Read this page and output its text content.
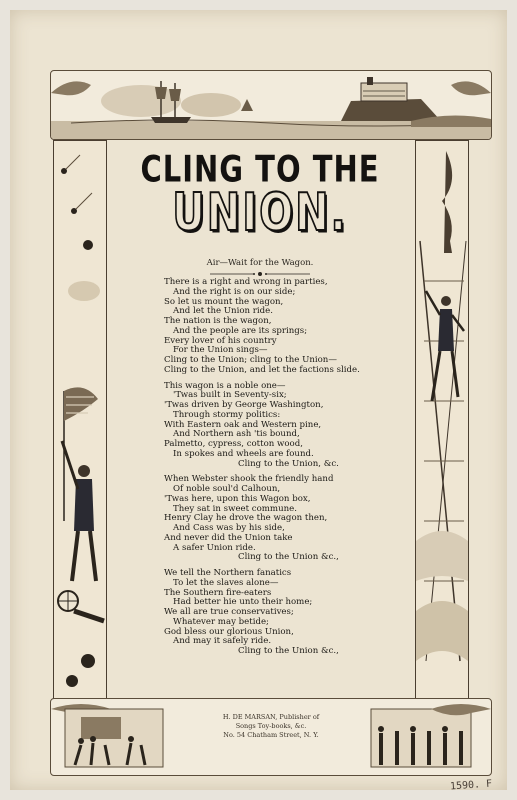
CLING TO THE
UNION.
Air—Wait for the Wagon.
There is a right and wrong in parties,
And the right is on our side;
So let us mount the wagon,
And let the Union ride.
The nation is the wagon,
And the people are its springs;
Every lover of his country
For the Union sings—
Cling to the Union; cling to the Union—
Cling to the Union, and let the factions slide.
This wagon is a noble one—
'Twas built in Seventy-six;
'Twas driven by George Washington,
Through stormy politics:
With Eastern oak and Western pine,
And Northern ash 'tis bound,
Palmetto, cypress, cotton wood,
In spokes and wheels are found.
Cling to the Union, &c.
When Webster shook the friendly hand
Of noble soul'd Calhoun,
'Twas here, upon this Wagon box,
They sat in sweet commune.
Henry Clay he drove the wagon then,
And Cass was by his side,
And never did the Union take
A safer Union ride.
Cling to the Union &c.,
We tell the Northern fanatics
To let the slaves alone—
The Southern fire-eaters
Had better hie unto their home;
We all are true conservatives;
Whatever may betide;
God bless our glorious Union,
And may it safely ride.
Cling to the Union &c.,
H. DE MARSAN, Publisher of
Songs Toy-books, &c.
No. 54 Chatham Street, N. Y.
1590. F
